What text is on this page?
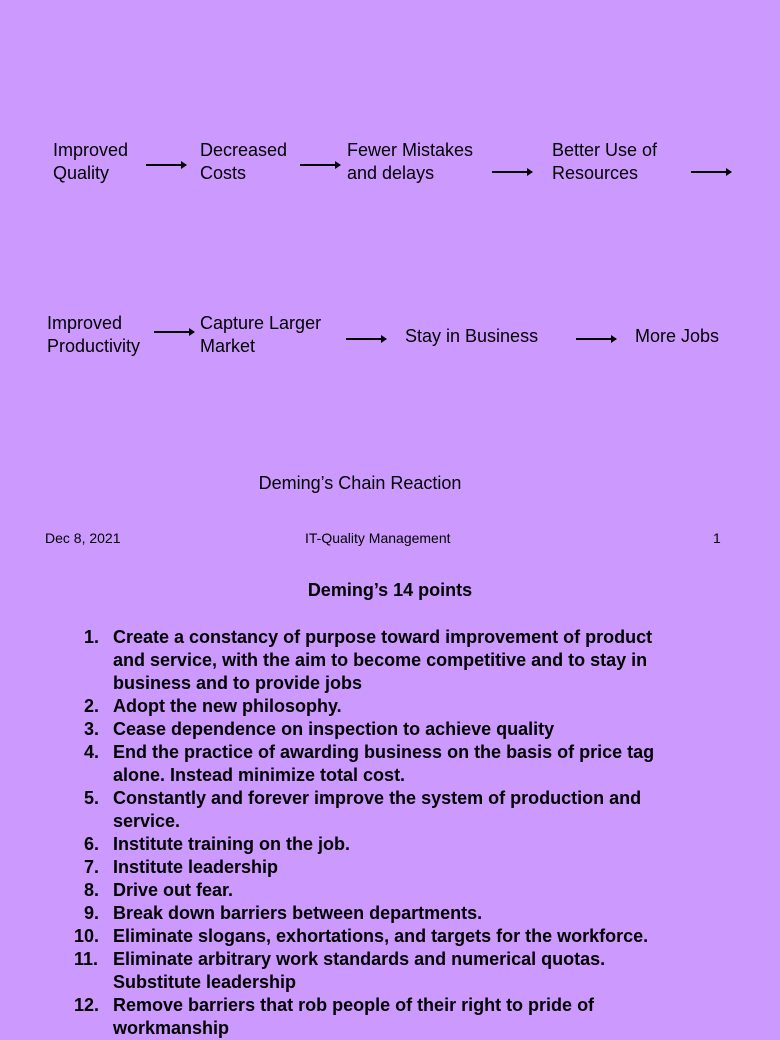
Improved
Quality
Decreased
Costs
Fewer Mistakes
and delays
Better Use of
Resources
Improved
Productivity
Capture Larger
Market	Stay in Business	More Jobs
Deming’s Chain Reaction
Dec 8, 2021	IT-Quality Management	1
Deming’s 14 points
1. Create a constancy of purpose toward improvement of product
and service, with the aim to become competitive and to stay in
business and to provide jobs
2. Adopt the new philosophy.
3. Cease dependence on inspection to achieve quality
4. End the practice of awarding business on the basis of price tag
alone. Instead minimize total cost.
5. Constantly and forever improve the system of production and
service.
6. Institute training on the job.
7. Institute leadership
8. Drive out fear.
9. Break down barriers between departments.
10. Eliminate slogans, exhortations, and targets for the workforce.
11. Eliminate arbitrary work standards and numerical quotas.
Substitute leadership
12. Remove barriers that rob people of their right to pride of
workmanship
